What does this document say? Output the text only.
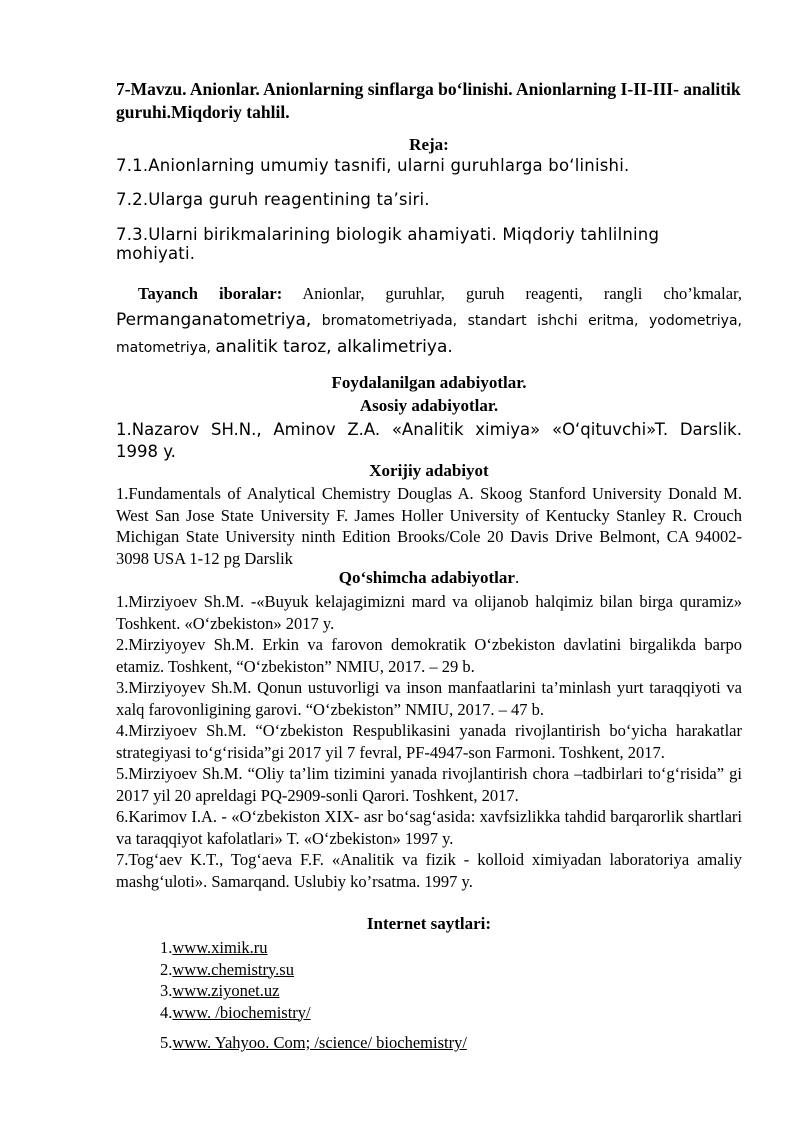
7-Mavzu. Anionlar. Anionlarning sinflarga bo‘linishi. Anionlarning I-II-III- analitik guruhi.Miqdoriy tahlil.
Reja:
7.1.Anionlarning umumiy tasnifi, ularni guruhlarga bo‘linishi.
7.2.Ularga guruh reagentining ta’siri.
7.3.Ularni birikmalarining biologik ahamiyati. Miqdoriy tahlilning mohiyati.
Tayanch iboralar: Anionlar, guruhlar, guruh reagenti, rangli cho’kmalar, Permanganatometriya, bromatometriyada, standart ishchi eritma, yodometriya, matometriya, analitik taroz, alkalimetriya.
Foydalanilgan adabiyotlar.
Asosiy adabiyotlar.
1.Nazarov SH.N., Aminov Z.A. «Analitik ximiya» «O‘qituvchi»T. Darslik. 1998 y.
Xorijiy adabiyot
1.Fundamentals of Analytical Chemistry Douglas A. Skoog Stanford University Donald M. West San Jose State University F. James Holler University of Kentucky Stanley R. Crouch Michigan State University ninth Edition Brooks/Cole 20 Davis Drive Belmont, CA 94002-3098 USA 1-12 pg Darslik
Qo‘shimcha adabiyotlar.

1.Mirziyoev Sh.M. -«Buyuk kelajagimizni mard va olijanob halqimiz bilan birga quramiz» Toshkent. «O‘zbekiston» 2017 y.

2.Mirziyoyev Sh.M. Erkin va farovon demokratik O‘zbekiston davlatini birgalikda barpo etamiz. Toshkent, “O‘zbekiston” NMIU, 2017. – 29 b.

3.Mirziyoyev Sh.M. Qonun ustuvorligi va inson manfaatlarini ta’minlash yurt taraqqiyoti va xalq farovonligining garovi. “O‘zbekiston” NMIU, 2017. – 47 b.

4.Mirziyoev Sh.M. “O‘zbekiston Respublikasini yanada rivojlantirish bo‘yicha harakatlar strategiyasi to‘g‘risida”gi 2017 yil 7 fevral, PF-4947-son Farmoni. Toshkent, 2017.

5.Mirziyoev Sh.M. “Oliy ta’lim tizimini yanada rivojlantirish chora –tadbirlari to‘g‘risida” gi 2017 yil 20 apreldagi PQ-2909-sonli Qarori. Toshkent, 2017.

6.Karimov I.A. - «O‘zbekiston XIX- asr bo‘sag‘asida: xavfsizlikka tahdid barqarorlik shartlari va taraqqiyot kafolatlari» T. «O‘zbekiston» 1997 y.

7.Tog‘aev K.T., Tog‘aeva F.F. «Analitik va fizik - kolloid ximiyadan laboratoriya amaliy mashg‘uloti». Samarqand. Uslubiy ko’rsatma. 1997 y.

Internet saytlari:
1.www.ximik.ru
2.www.chemistry.su
3.www.ziyonet.uz
4.www. /biochemistry/
5.www. Yahyoo. Com; /science/ biochemistry/
